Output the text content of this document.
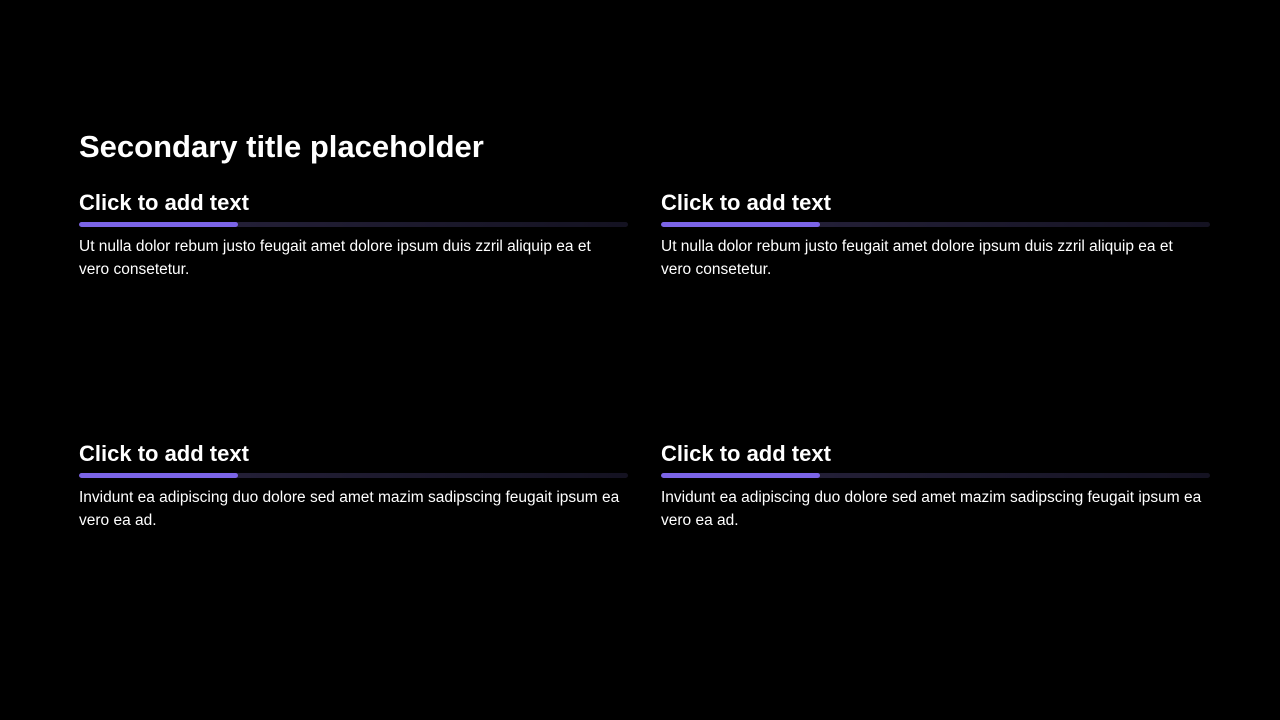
Secondary title placeholder
Click to add text

Ut nulla dolor rebum justo feugait amet dolore ipsum duis zzril aliquip ea et vero consetetur.

Click to add text

Ut nulla dolor rebum justo feugait amet dolore ipsum duis zzril aliquip ea et vero consetetur.

Click to add text

Invidunt ea adipiscing duo dolore sed amet mazim sadipscing feugait ipsum ea vero ea ad.

Click to add text

Invidunt ea adipiscing duo dolore sed amet mazim sadipscing feugait ipsum ea vero ea ad.
